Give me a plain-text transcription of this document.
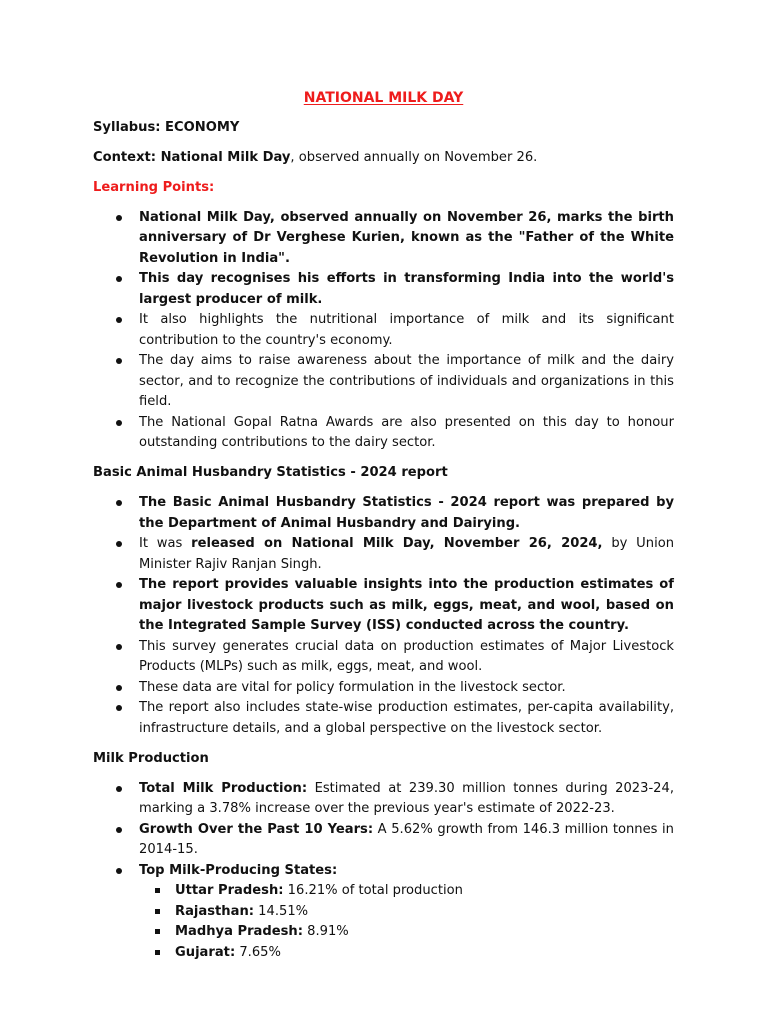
NATIONAL MILK DAY

Syllabus: ECONOMY

Context: National Milk Day, observed annually on November 26.

Learning Points:

National Milk Day, observed annually on November 26, marks the birth anniversary of Dr Verghese Kurien, known as the "Father of the White Revolution in India".
This day recognises his efforts in transforming India into the world's largest producer of milk.
It also highlights the nutritional importance of milk and its significant contribution to the country's economy.
The day aims to raise awareness about the importance of milk and the dairy sector, and to recognize the contributions of individuals and organizations in this field.
The National Gopal Ratna Awards are also presented on this day to honour outstanding contributions to the dairy sector.

Basic Animal Husbandry Statistics - 2024 report

The Basic Animal Husbandry Statistics - 2024 report was prepared by the Department of Animal Husbandry and Dairying.
It was released on National Milk Day, November 26, 2024, by Union Minister Rajiv Ranjan Singh.
The report provides valuable insights into the production estimates of major livestock products such as milk, eggs, meat, and wool, based on the Integrated Sample Survey (ISS) conducted across the country.
This survey generates crucial data on production estimates of Major Livestock Products (MLPs) such as milk, eggs, meat, and wool.
These data are vital for policy formulation in the livestock sector.
The report also includes state-wise production estimates, per-capita availability, infrastructure details, and a global perspective on the livestock sector.

Milk Production

Total Milk Production: Estimated at 239.30 million tonnes during 2023-24, marking a 3.78% increase over the previous year's estimate of 2022-23.
Growth Over the Past 10 Years: A 5.62% growth from 146.3 million tonnes in 2014-15.
Top Milk-Producing States:
Uttar Pradesh: 16.21% of total production
Rajasthan: 14.51%
Madhya Pradesh: 8.91%
Gujarat: 7.65%
